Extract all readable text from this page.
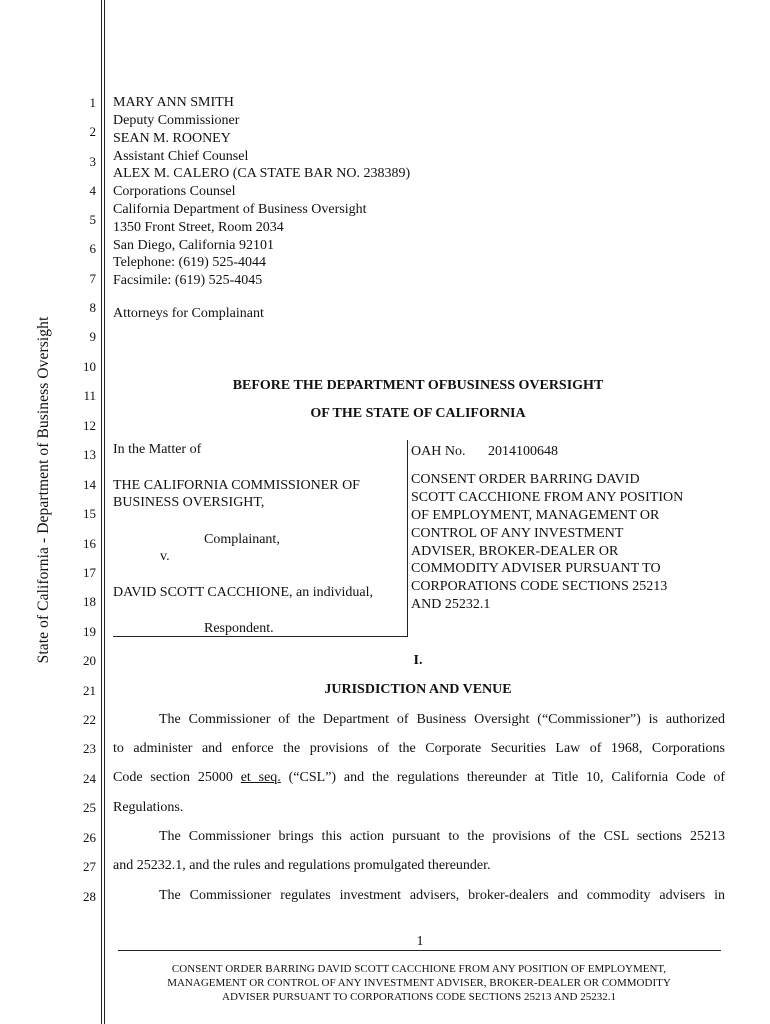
State of California - Department of Business Oversight
1
2
3
4
5
6
7
8
9
10
11
12
13
14
15
16
17
18
19
20
21
22
23
24
25
26
27
28
MARY ANN SMITH
Deputy Commissioner
SEAN M. ROONEY
Assistant Chief Counsel
ALEX M. CALERO (CA STATE BAR NO. 238389)
Corporations Counsel
California Department of Business Oversight
1350 Front Street, Room 2034
San Diego, California 92101
Telephone: (619) 525-4044
Facsimile: (619) 525-4045
Attorneys for Complainant
BEFORE THE DEPARTMENT OFBUSINESS OVERSIGHT
OF THE STATE OF CALIFORNIA
In the Matter of
THE CALIFORNIA COMMISSIONER OF
BUSINESS OVERSIGHT,
Complainant,
v.
DAVID SCOTT CACCHIONE, an individual,
Respondent.
OAH No. 2014100648
CONSENT ORDER BARRING DAVID
SCOTT CACCHIONE FROM ANY POSITION
OF EMPLOYMENT, MANAGEMENT OR
CONTROL OF ANY INVESTMENT
ADVISER, BROKER-DEALER OR
COMMODITY ADVISER PURSUANT TO
CORPORATIONS CODE SECTIONS 25213
AND 25232.1
I.
JURISDICTION AND VENUE
The Commissioner of the Department of Business Oversight (“Commissioner”) is authorized
to administer and enforce the provisions of the Corporate Securities Law of 1968, Corporations
Code section 25000 et seq. (“CSL”) and the regulations thereunder at Title 10, California Code of
Regulations.
The Commissioner brings this action pursuant to the provisions of the CSL sections 25213
and 25232.1, and the rules and regulations promulgated thereunder.
The Commissioner regulates investment advisers, broker-dealers and commodity advisers in
1
CONSENT ORDER BARRING DAVID SCOTT CACCHIONE FROM ANY POSITION OF EMPLOYMENT,
MANAGEMENT OR CONTROL OF ANY INVESTMENT ADVISER, BROKER-DEALER OR COMMODITY
ADVISER PURSUANT TO CORPORATIONS CODE SECTIONS 25213 AND 25232.1
